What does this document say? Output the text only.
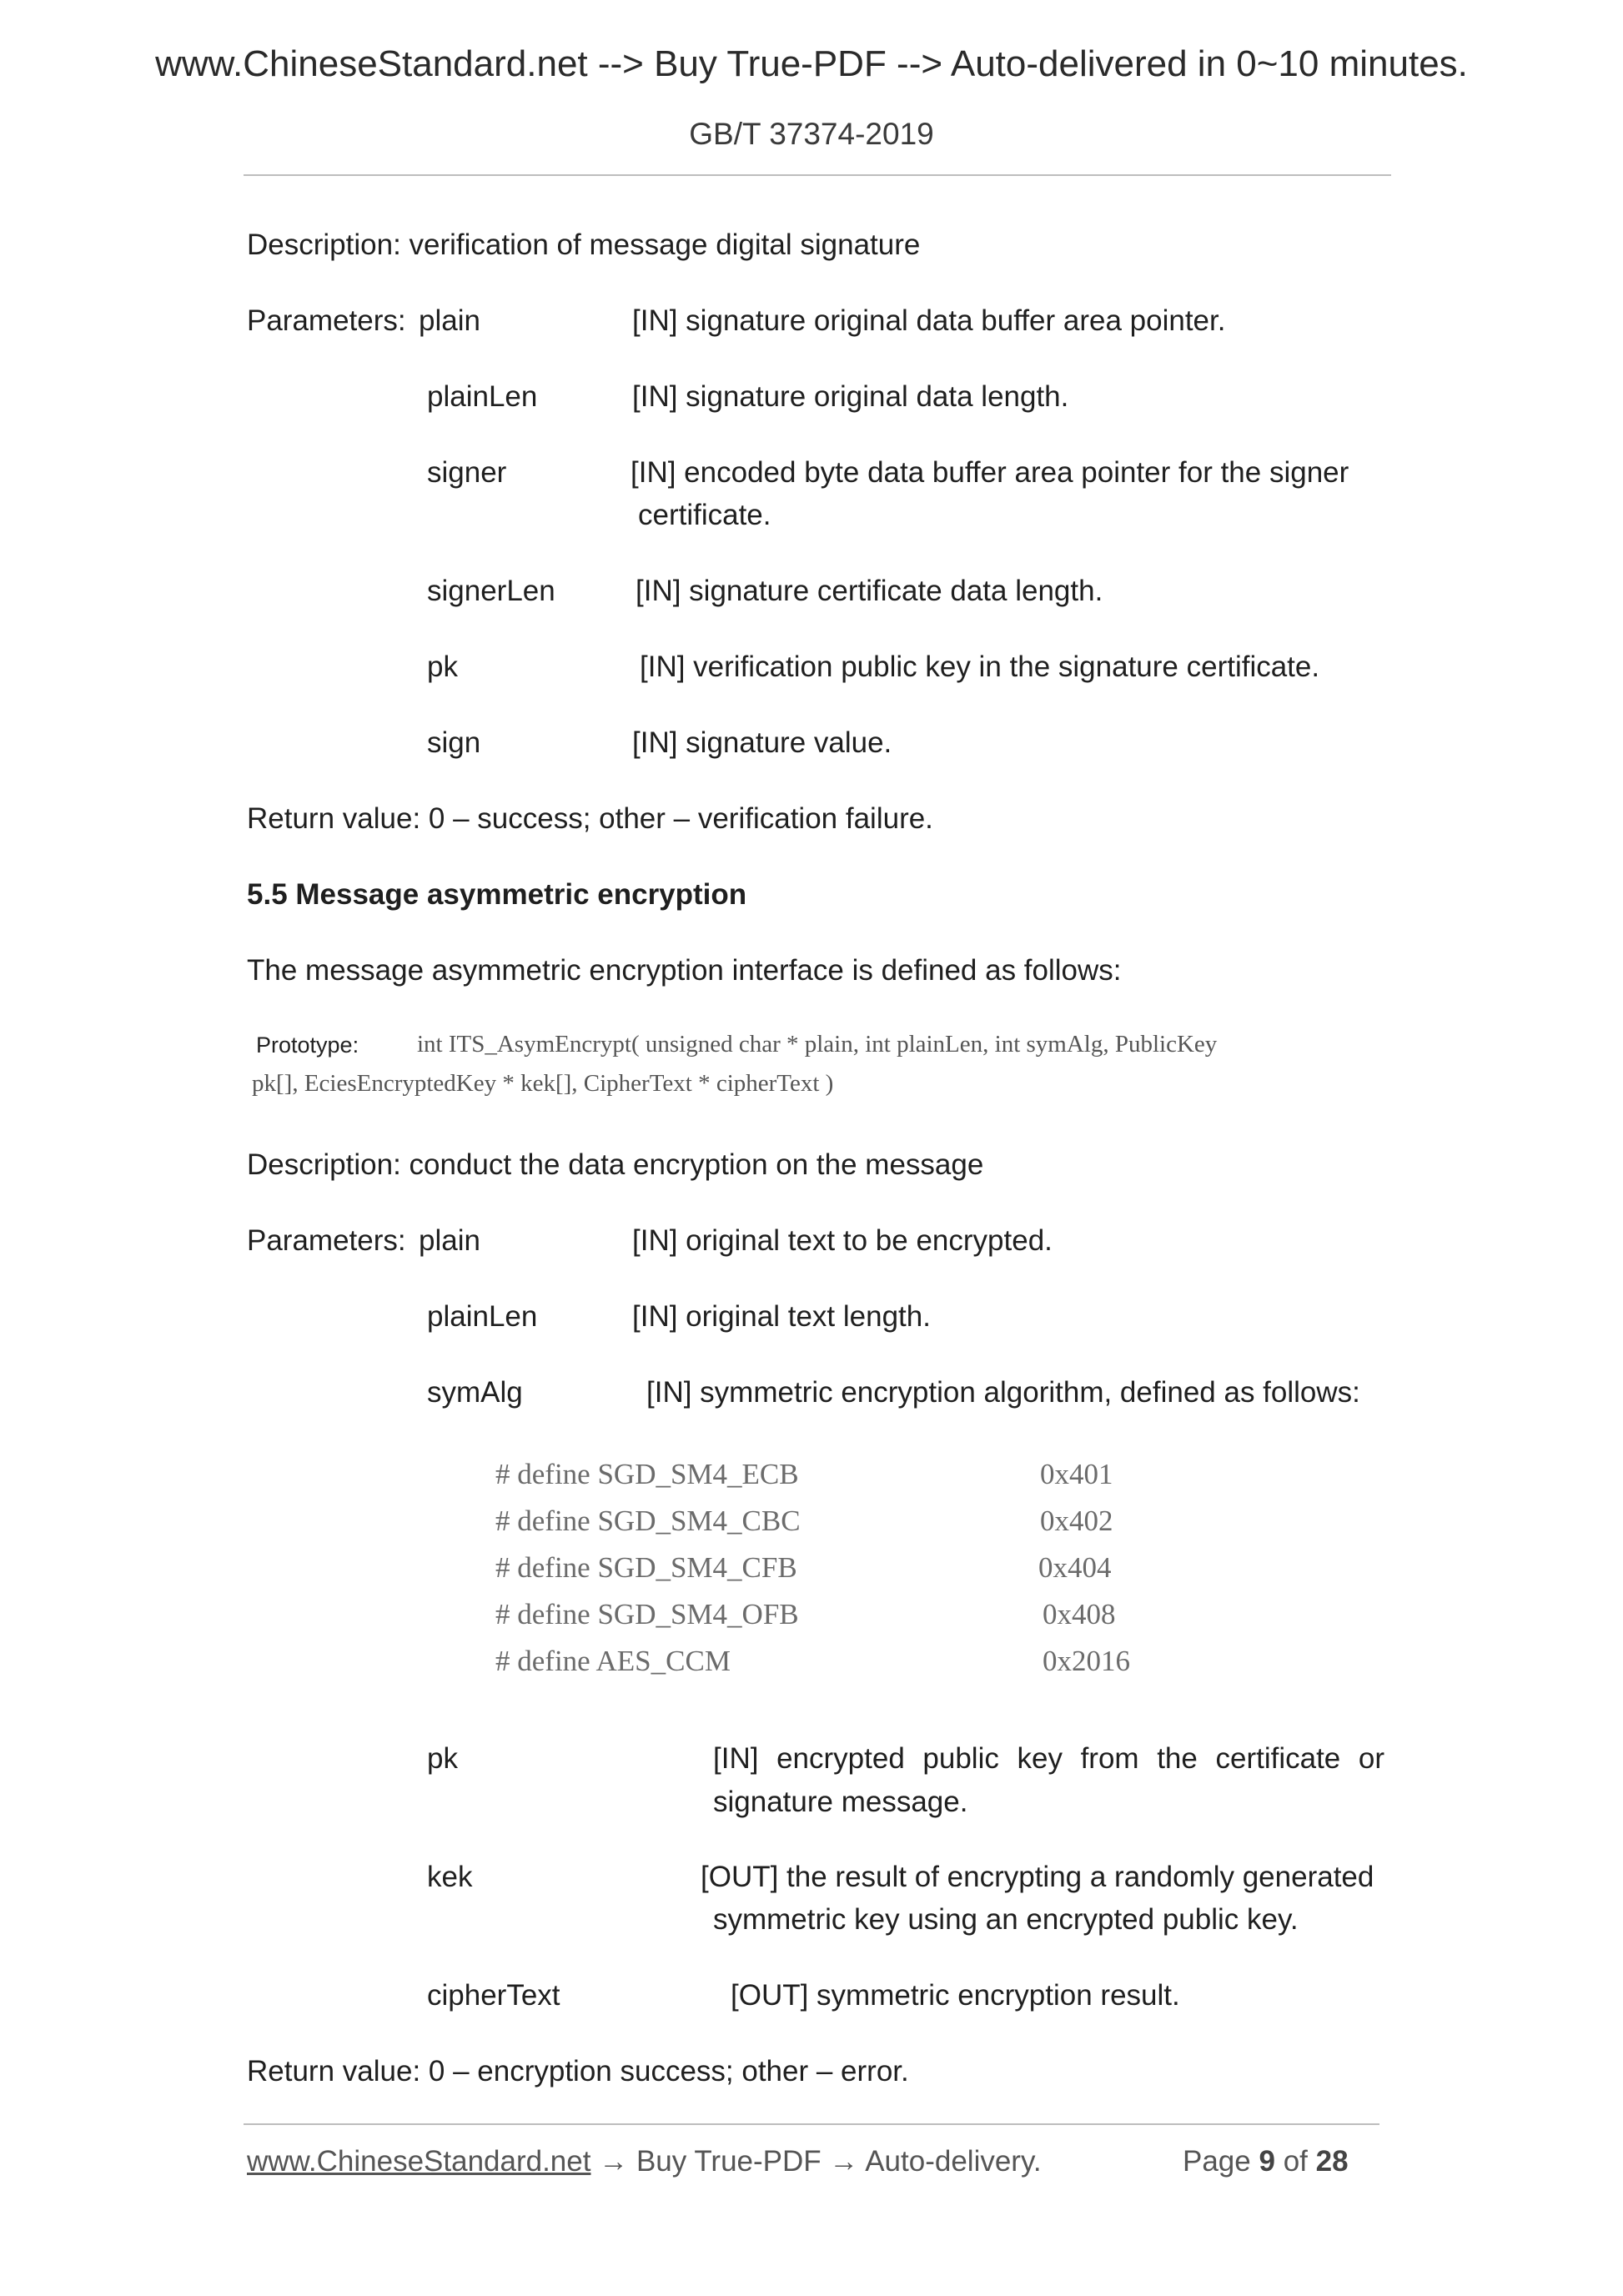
www.ChineseStandard.net --> Buy True-PDF --> Auto-delivered in 0~10 minutes.
GB/T 37374-2019
Description: verification of message digital signature
Parameters: plain	[IN] signature original data buffer area pointer.
plainLen	[IN] signature original data length.
signer	[IN] encoded byte data buffer area pointer for the signer
certificate.
signerLen	[IN] signature certificate data length.
pk	[IN] verification public key in the signature certificate.
sign	[IN] signature value.
Return value: 0 – success; other – verification failure.
5.5 Message asymmetric encryption
The message asymmetric encryption interface is defined as follows:
Prototype: int ITS_AsymEncrypt( unsigned char * plain, int plainLen, int symAlg, PublicKey
pk[], EciesEncryptedKey * kek[], CipherText * cipherText )
Description: conduct the data encryption on the message
Parameters: plain	[IN] original text to be encrypted.
plainLen	[IN] original text length.
symAlg	[IN] symmetric encryption algorithm, defined as follows:
# define SGD_SM4_ECB	0x401
# define SGD_SM4_CBC	0x402
# define SGD_SM4_CFB	0x404
# define SGD_SM4_OFB	0x408
# define AES_CCM	0x2016
pk	[IN] encrypted public key from the certificate or signature message.
kek	[OUT] the result of encrypting a randomly generated
symmetric key using an encrypted public key.
cipherText	[OUT] symmetric encryption result.
Return value: 0 – encryption success; other – error.
www.ChineseStandard.net → Buy True-PDF → Auto-delivery.	Page 9 of 28
